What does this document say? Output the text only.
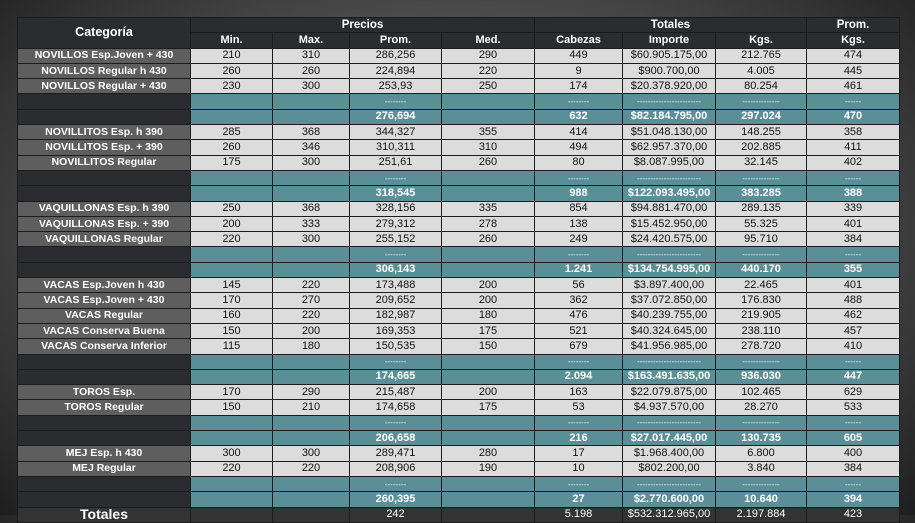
Categoría	Precios				Totales			Prom.
	Min.	Max.	Prom.	Med.	Cabezas	Importe	Kgs.	Kgs.
NOVILLOS Esp.Joven + 430	210	310	286,256	290	449	$60.905.175,00	212.765	474
NOVILLOS Regular h 430	260	260	224,894	220	9	$900.700,00	4.005	445
NOVILLOS Regular + 430	230	300	253,93	250	174	$20.378.920,00	80.254	461
			--------		--------	------------------------	--------------	------
			276,694		632	$82.184.795,00	297.024	470
NOVILLITOS Esp. h 390	285	368	344,327	355	414	$51.048.130,00	148.255	358
NOVILLITOS Esp. + 390	260	346	310,311	310	494	$62.957.370,00	202.885	411
NOVILLITOS Regular	175	300	251,61	260	80	$8.087.995,00	32.145	402
			--------		--------	------------------------	--------------	------
			318,545		988	$122.093.495,00	383.285	388
VAQUILLONAS Esp. h 390	250	368	328,156	335	854	$94.881.470,00	289.135	339
VAQUILLONAS Esp. + 390	200	333	279,312	278	138	$15.452.950,00	55.325	401
VAQUILLONAS Regular	220	300	255,152	260	249	$24.420.575,00	95.710	384
			--------		--------	------------------------	--------------	------
			306,143		1.241	$134.754.995,00	440.170	355
VACAS Esp.Joven h 430	145	220	173,488	200	56	$3.897.400,00	22.465	401
VACAS Esp.Joven + 430	170	270	209,652	200	362	$37.072.850,00	176.830	488
VACAS Regular	160	220	182,987	180	476	$40.239.755,00	219.905	462
VACAS Conserva Buena	150	200	169,353	175	521	$40.324.645,00	238.110	457
VACAS Conserva Inferior	115	180	150,535	150	679	$41.956.985,00	278.720	410
			--------		--------	------------------------	--------------	------
			174,665		2.094	$163.491.635,00	936.030	447
TOROS Esp.	170	290	215,487	200	163	$22.079.875,00	102.465	629
TOROS Regular	150	210	174,658	175	53	$4.937.570,00	28.270	533
			--------		--------	------------------------	--------------	------
			206,658		216	$27.017.445,00	130.735	605
MEJ Esp. h 430	300	300	289,471	280	17	$1.968.400,00	6.800	400
MEJ Regular	220	220	208,906	190	10	$802.200,00	3.840	384
			--------		--------	------------------------	--------------	------
			260,395		27	$2.770.600,00	10.640	394
Totales			242		5.198	$532.312.965,00	2.197.884	423
